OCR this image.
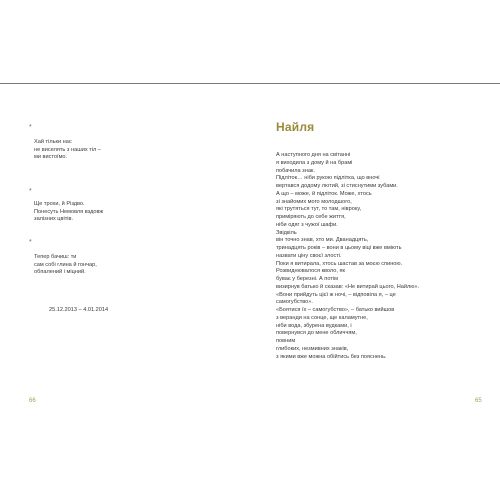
*
Хай тільки нас
не виселять з наших тіл –
ми вистоїмо.
*
Ще трохи, й Різдво.
Понесуть Немовля вздовж
залізних цвітів.
*
Тепер бачиш: ти
сам собі глина й гончар,
обпалений і міцний.
25.12.2013 – 4.01.2014
Найля
А наступного дня на світанні
я виходила з дому й на брамі
побачила знак.
Підліток… ніби рукою підлітка, що вночі
вертався додому лютий, зі стиснутими зубами.
А що – може, й підліток. Може, хтось
зі знайомих мого молодшого,
які трутяться тут, то там, нівроку,
приміряють до себе життя,
ніби одяг з чужої шафи.
Звідкіль
він точно знав, хто ми. Дванадцять,
тринадцять років – вони в цьому віці вже вміють
назвати ціну своєї злості.
Поки я витирала, хтось шастав за моєю спиною.
Розвиднювалося кволо, як
буває у березні. А потім
визирнув батько й сказав: «Не витирай цього, Найлю».
«Вони прийдуть цієї ж ночі, – відповіла я, – це
самогубство».
«Боятися їх – самогубство», – батько вийшов
з веранди на сонце, ще каламутне,
ніби вода, збурена вудками, і
повернувся до мене обличчям,
повним
глибоких, незмивних знаків,
з якими вже можна обійтись без пояснень.
66	65
